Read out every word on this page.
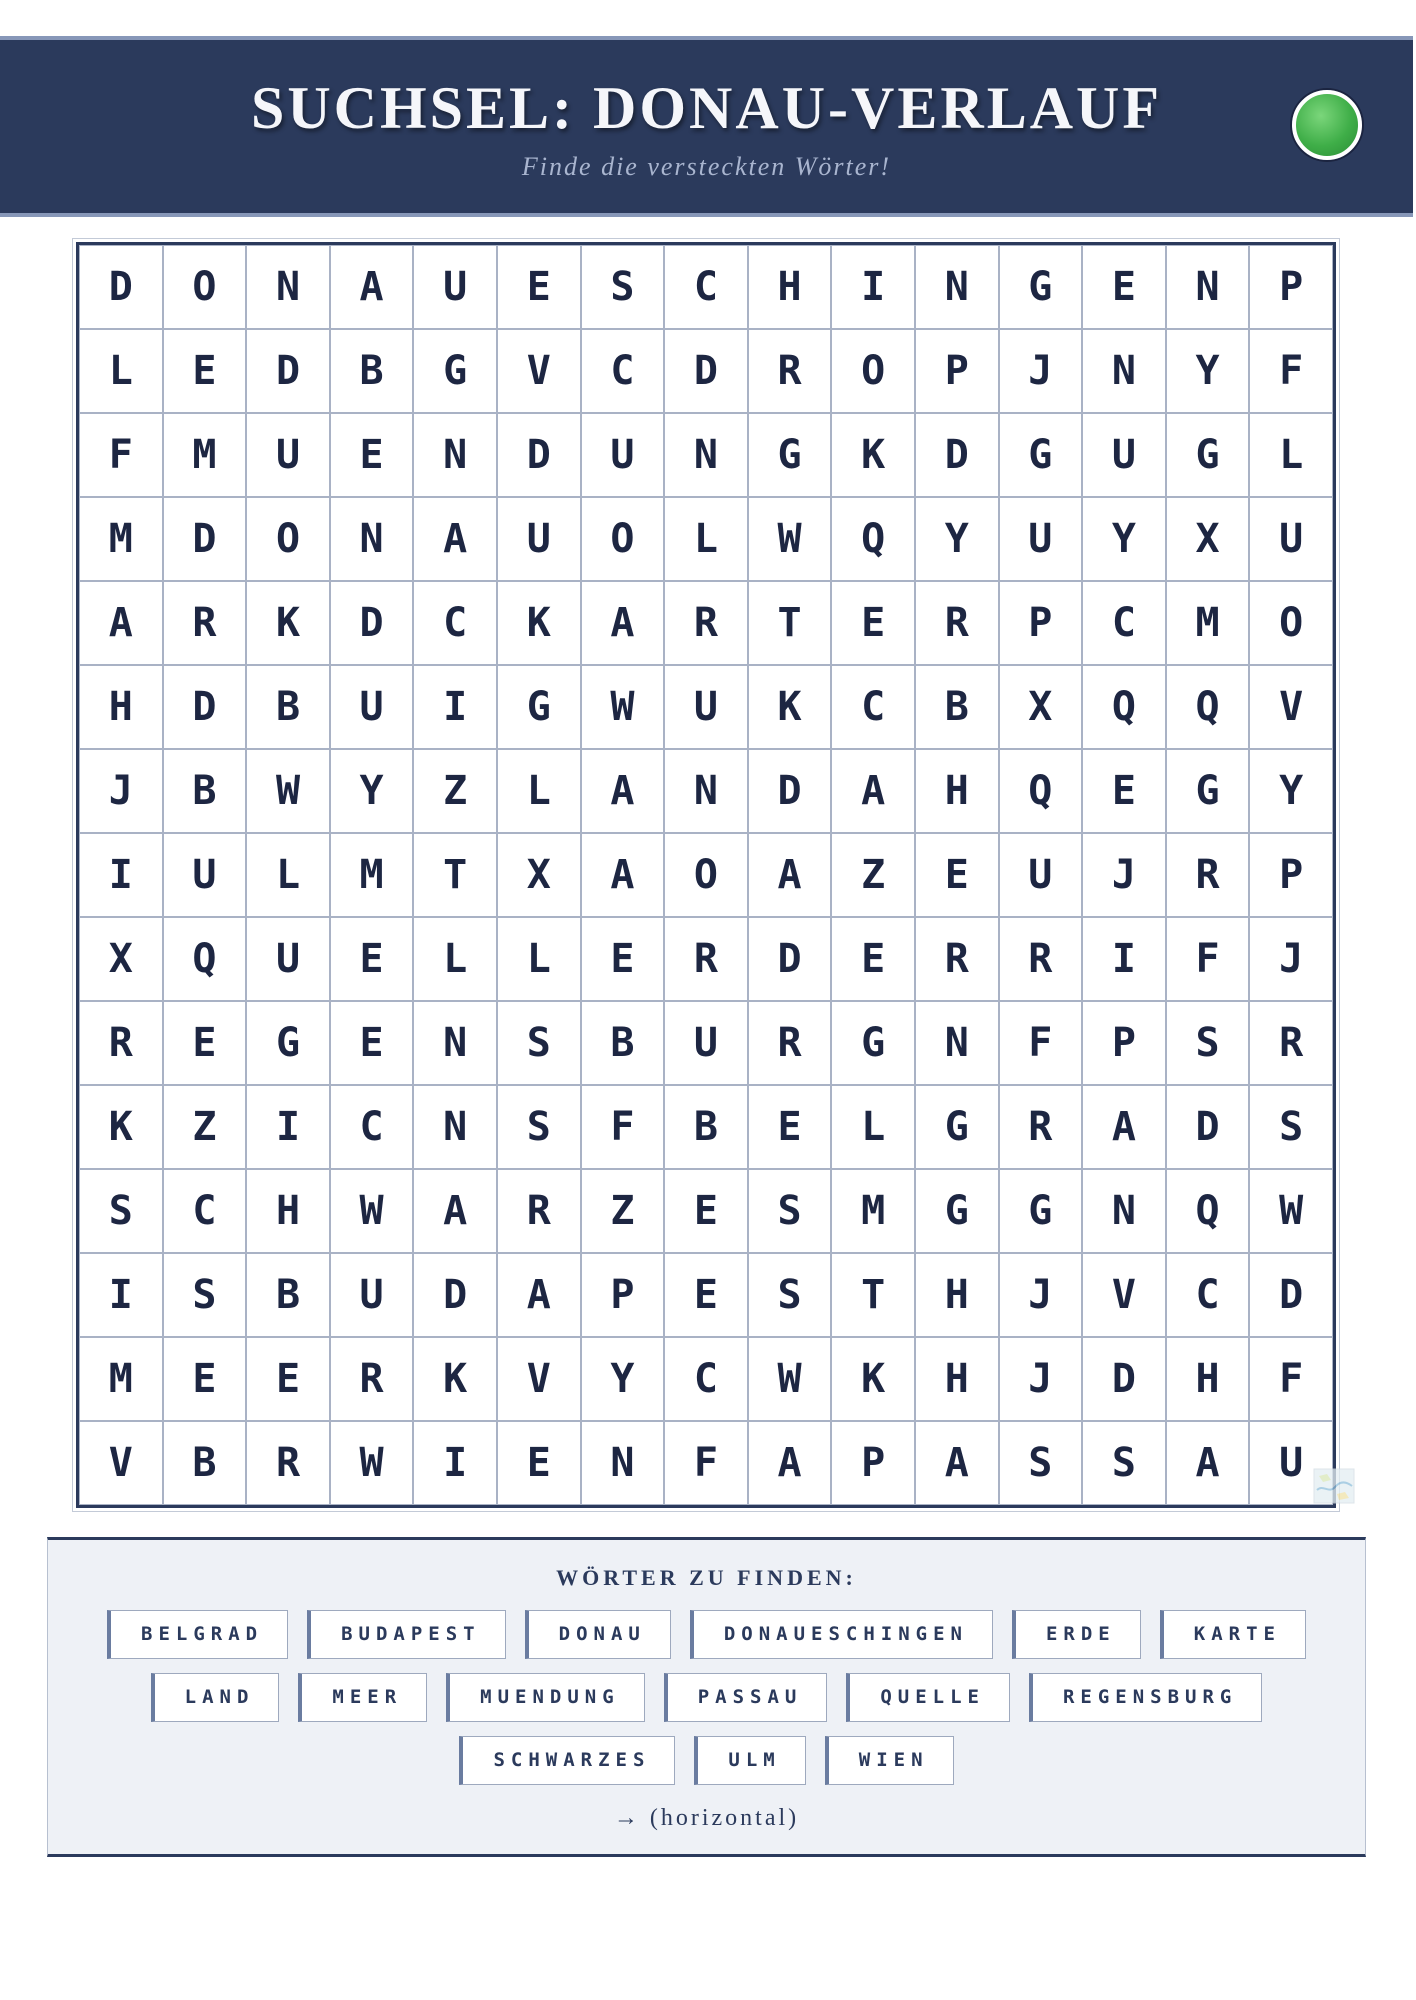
SUCHSEL: DONAU-VERLAUF
Finde die versteckten Wörter!
D	O	N	A	U	E	S	C	H	I	N	G	E	N	P
L	E	D	B	G	V	C	D	R	O	P	J	N	Y	F
F	M	U	E	N	D	U	N	G	K	D	G	U	G	L
M	D	O	N	A	U	O	L	W	Q	Y	U	Y	X	U
A	R	K	D	C	K	A	R	T	E	R	P	C	M	O
H	D	B	U	I	G	W	U	K	C	B	X	Q	Q	V
J	B	W	Y	Z	L	A	N	D	A	H	Q	E	G	Y
I	U	L	M	T	X	A	O	A	Z	E	U	J	R	P
X	Q	U	E	L	L	E	R	D	E	R	R	I	F	J
R	E	G	E	N	S	B	U	R	G	N	F	P	S	R
K	Z	I	C	N	S	F	B	E	L	G	R	A	D	S
S	C	H	W	A	R	Z	E	S	M	G	G	N	Q	W
I	S	B	U	D	A	P	E	S	T	H	J	V	C	D
M	E	E	R	K	V	Y	C	W	K	H	J	D	H	F
V	B	R	W	I	E	N	F	A	P	A	S	S	A	U
WÖRTER ZU FINDEN:
BELGRAD	BUDAPEST	DONAU	DONAUESCHINGEN	ERDE	KARTE
LAND	MEER	MUENDUNG	PASSAU	QUELLE	REGENSBURG
SCHWARZES	ULM	WIEN
→ (horizontal)
